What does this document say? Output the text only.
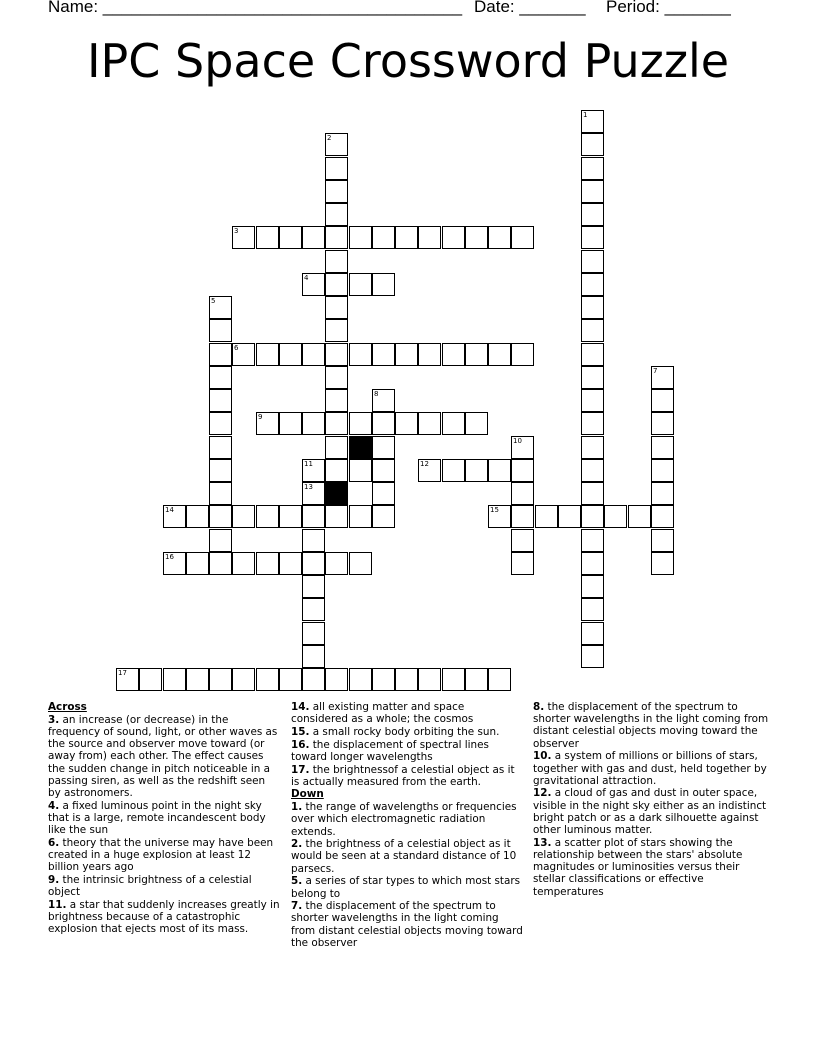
Name: ______________________________________ Date: _______ Period: _______
IPC Space Crossword Puzzle
3
4
6
9
11	12
14	15
16
17
1
2
5
7
8
10
13

Across

3. an increase (or decrease) in the frequency of sound, light, or other waves as the source and observer move toward (or away from) each other. The effect causes the sudden change in pitch noticeable in a passing siren, as well as the redshift seen by astronomers.

4. a fixed luminous point in the night sky that is a large, remote incandescent body like the sun

6. theory that the universe may have been created in a huge explosion at least 12 billion years ago

9. the intrinsic brightness of a celestial object

11. a star that suddenly increases greatly in brightness because of a catastrophic explosion that ejects most of its mass.

14. all existing matter and space considered as a whole; the cosmos

15. a small rocky body orbiting the sun.

16. the displacement of spectral lines toward longer wavelengths

17. the brightnessof a celestial object as it is actually measured from the earth.

Down

1. the range of wavelengths or frequencies over which electromagnetic radiation extends.

2. the brightness of a celestial object as it would be seen at a standard distance of 10 parsecs.

5. a series of star types to which most stars belong to

7. the displacement of the spectrum to shorter wavelengths in the light coming from distant celestial objects moving toward the observer

8. the displacement of the spectrum to shorter wavelengths in the light coming from distant celestial objects moving toward the observer

10. a system of millions or billions of stars, together with gas and dust, held together by gravitational attraction.

12. a cloud of gas and dust in outer space, visible in the night sky either as an indistinct bright patch or as a dark silhouette against other luminous matter.

13. a scatter plot of stars showing the relationship between the stars' absolute magnitudes or luminosities versus their stellar classifications or effective temperatures
